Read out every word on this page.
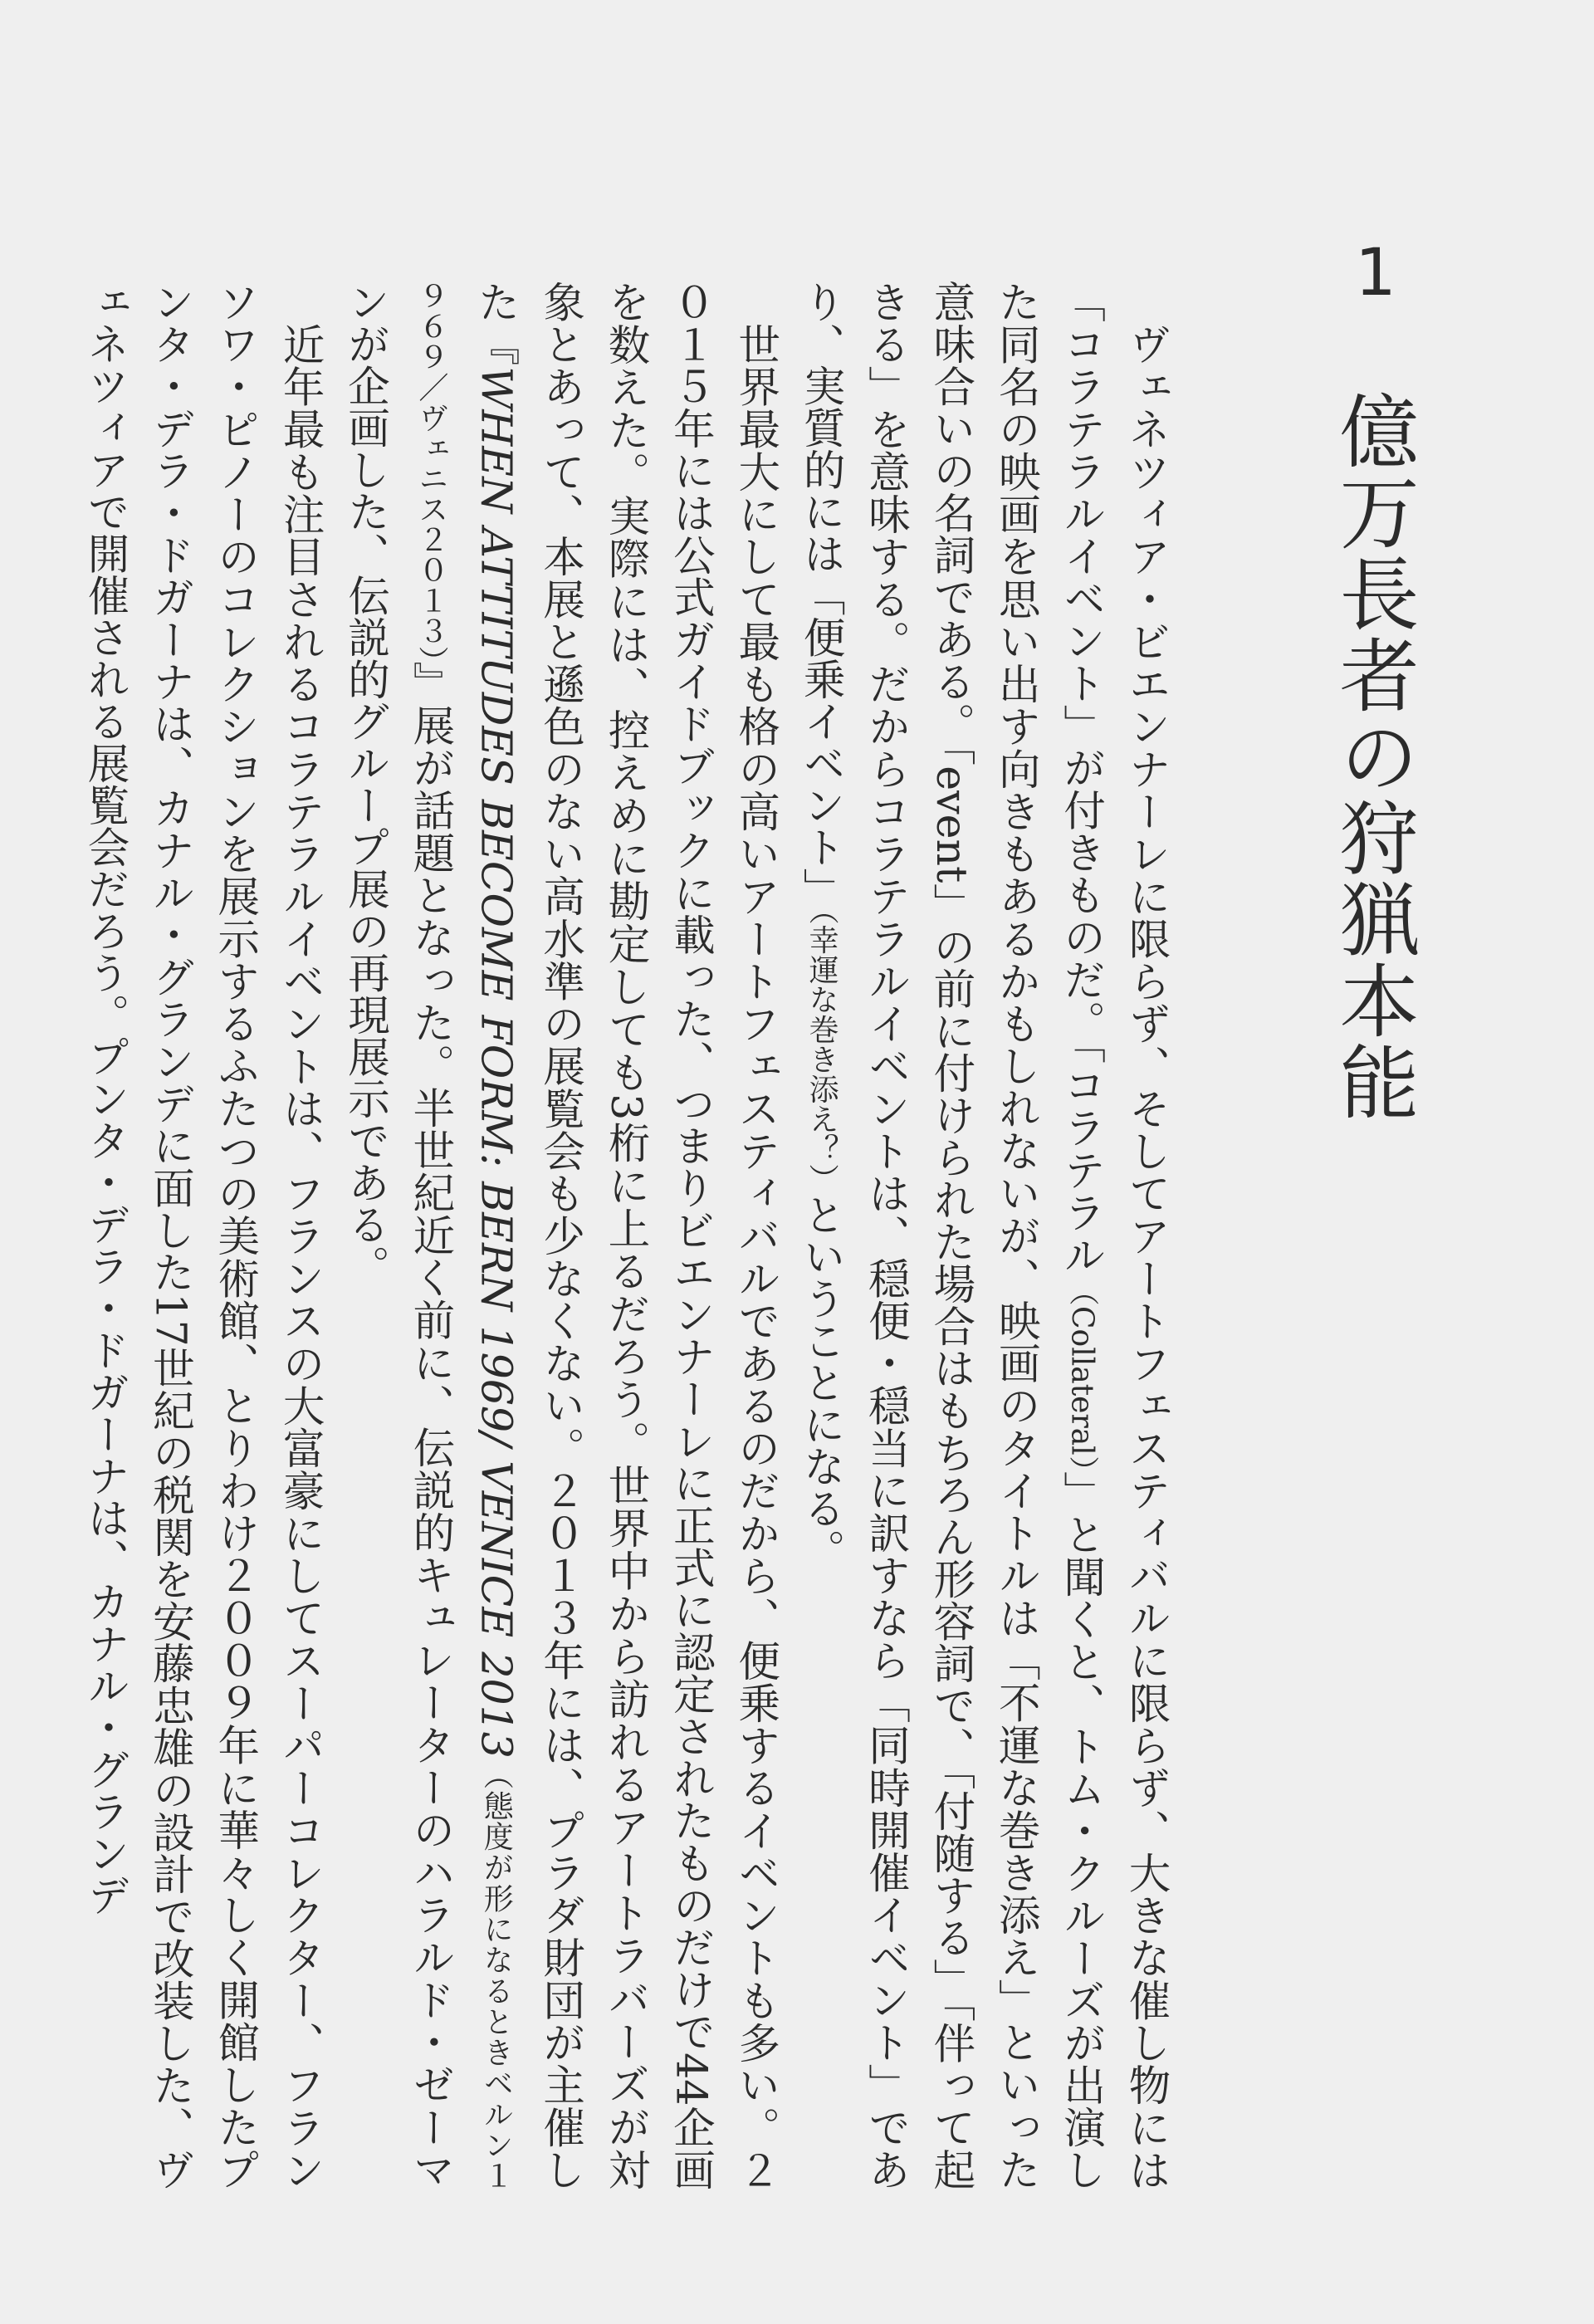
1
億万長者の狩猟本能

ヴェネツィア・ビエンナーレに限らず、そしてアートフェスティバルに限らず、大きな催し物には「コラテラルイベント」が付きものだ。「コラテラル（Collateral）」と聞くと、トム・クルーズが出演した同名の映画を思い出す向きもあるかもしれないが、映画のタイトルは「不運な巻き添え」といった意味合いの名詞である。「event」の前に付けられた場合はもちろん形容詞で、「付随する」「伴って起きる」を意味する。だからコラテラルイベントは、穏便・穏当に訳すなら「同時開催イベント」であり、実質的には「便乗イベント」（幸運な巻き添え？）ということになる。

世界最大にして最も格の高いアートフェスティバルであるのだから、便乗するイベントも多い。２０１５年には公式ガイドブックに載った、つまりビエンナーレに正式に認定されたものだけで44企画を数えた。実際には、控えめに勘定しても3桁に上るだろう。世界中から訪れるアートラバーズが対象とあって、本展と遜色のない高水準の展覧会も少なくない。２０１３年には、プラダ財団が主催した『WHEN ATTITUDES BECOME FORM: BERN 1969/ VENICE 2013（態度が形になるときベルン１９６９／ヴェニス２０１３）』展が話題となった。半世紀近く前に、伝説的キュレーターのハラルド・ゼーマンが企画した、伝説的グループ展の再現展示である。

近年最も注目されるコラテラルイベントは、フランスの大富豪にしてスーパーコレクター、フランソワ・ピノーのコレクションを展示するふたつの美術館、とりわけ２００９年に華々しく開館したプンタ・デラ・ドガーナは、カナル・グランデに面した17世紀の税関を安藤忠雄の設計で改装した、ヴェネツィアで開催される展覧会だろう。プンタ・デラ・ドガーナは、カナル・グランデ
